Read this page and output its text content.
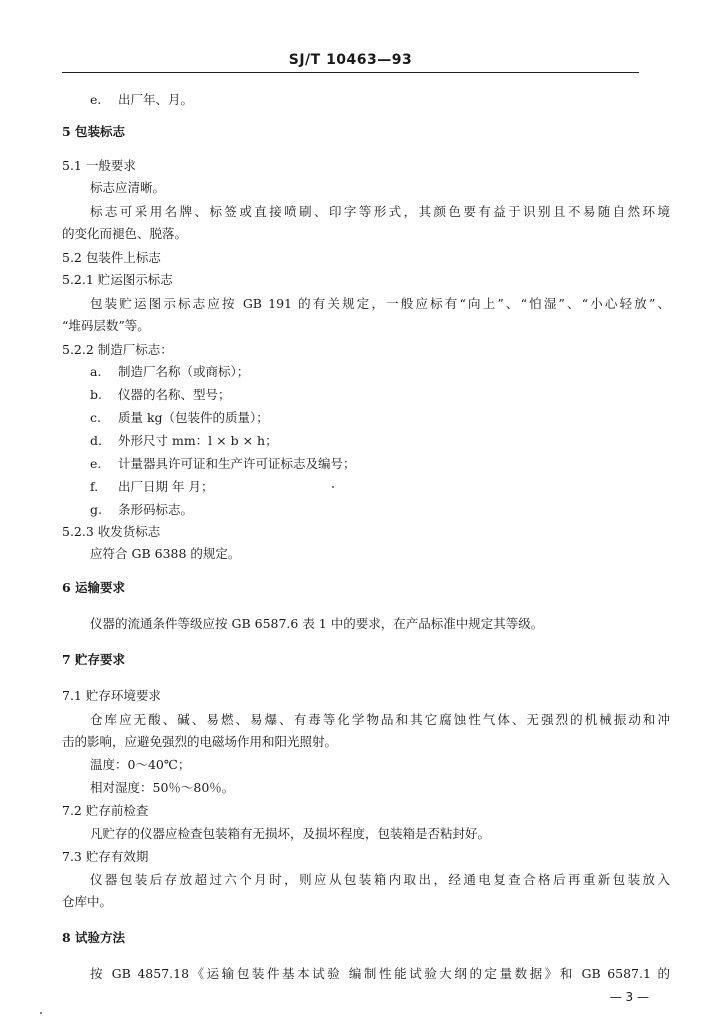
SJ/T 10463—93
e. 出厂年、月。
5 包装标志
5.1 一般要求
标志应清晰。
标志可采用名牌、标签或直接喷刷、印字等形式，其颜色要有益于识别且不易随自然环境
的变化而褪色、脱落。
5.2 包装件上标志
5.2.1 贮运图示标志
包装贮运图示标志应按 GB 191 的有关规定，一般应标有“向上”、“怕湿”、“小心轻放”、
“堆码层数”等。
5.2.2 制造厂标志：
a. 制造厂名称（或商标）；
b. 仪器的名称、型号；
c. 质量 kg（包装件的质量）；
d. 外形尺寸 mm：l × b × h；
e. 计量器具许可证和生产许可证标志及编号；
f. 出厂日期 年 月；
g. 条形码标志。
5.2.3 收发货标志
应符合 GB 6388 的规定。
6 运输要求
仪器的流通条件等级应按 GB 6587.6 表 1 中的要求，在产品标准中规定其等级。
7 贮存要求
7.1 贮存环境要求
仓库应无酸、碱、易燃、易爆、有毒等化学物品和其它腐蚀性气体、无强烈的机械振动和冲
击的影响，应避免强烈的电磁场作用和阳光照射。
温度：0～40℃；
相对湿度：50％～80％。
7.2 贮存前检查
凡贮存的仪器应检查包装箱有无损坏，及损坏程度，包装箱是否粘封好。
7.3 贮存有效期
仪器包装后存放超过六个月时，则应从包装箱内取出，经通电复查合格后再重新包装放入
仓库中。
8 试验方法
按 GB 4857.18《运输包装件基本试验 编制性能试验大纲的定量数据》和 GB 6587.1 的
— 3 —
